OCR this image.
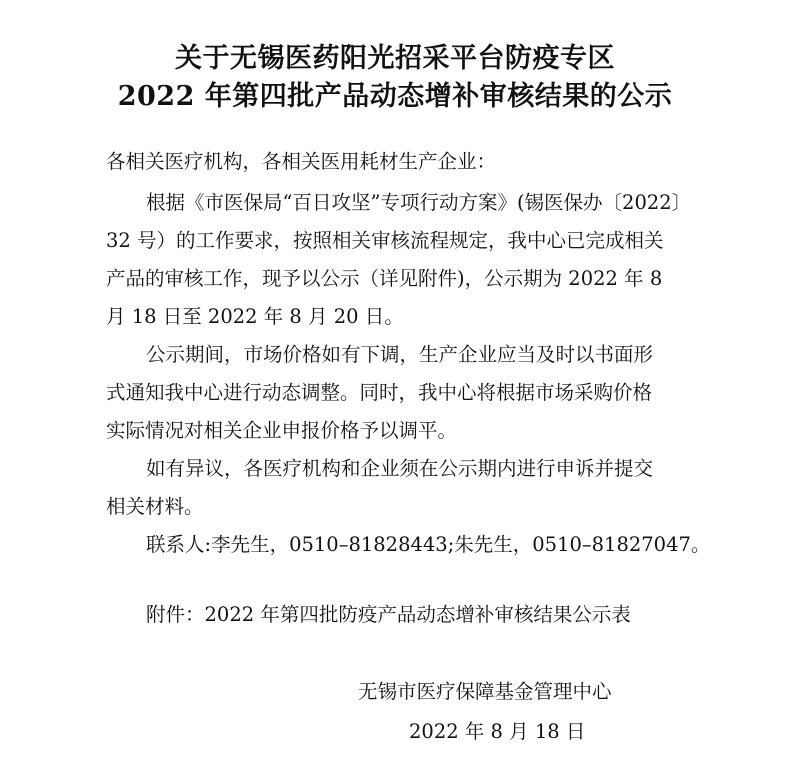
关于无锡医药阳光招采平台防疫专区
2022 年第四批产品动态增补审核结果的公示
各相关医疗机构，各相关医用耗材生产企业：
根据《市医保局“百日攻坚”专项行动方案》(锡医保办〔2022〕
32 号）的工作要求，按照相关审核流程规定，我中心已完成相关
产品的审核工作，现予以公示（详见附件)，公示期为 2022 年 8
月 18 日至 2022 年 8 月 20 日。
公示期间，市场价格如有下调，生产企业应当及时以书面形
式通知我中心进行动态调整。同时，我中心将根据市场采购价格
实际情况对相关企业申报价格予以调平。
如有异议，各医疗机构和企业须在公示期内进行申诉并提交
相关材料。
联系人:李先生，0510–81828443;朱先生，0510–81827047。
附件：2022 年第四批防疫产品动态增补审核结果公示表
无锡市医疗保障基金管理中心
2022 年 8 月 18 日
